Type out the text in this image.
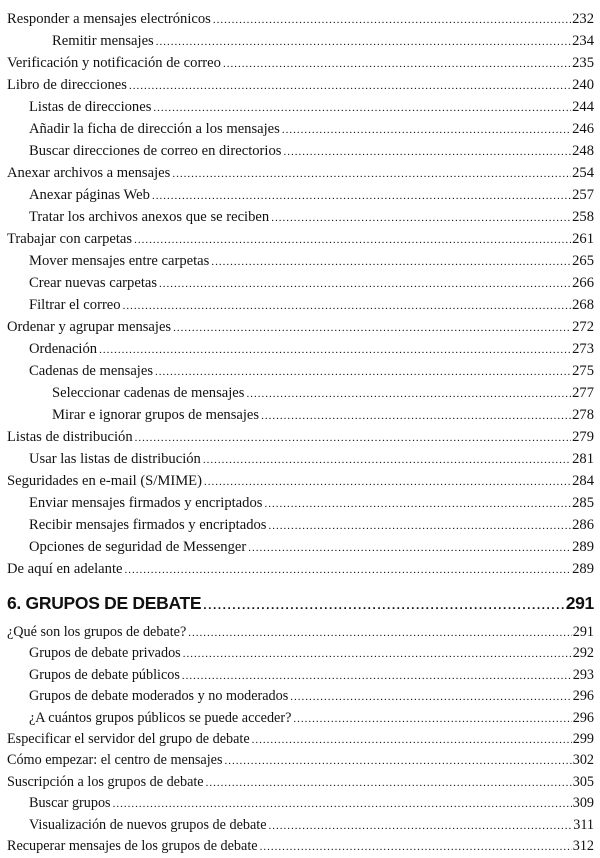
Responder a mensajes electrónicos .....	232
Remitir mensajes .....	234
Verificación y notificación de correo .....	235
Libro de direcciones .....	240
Listas de direcciones .....	244
Añadir la ficha de dirección a los mensajes .....	246
Buscar direcciones de correo en directorios .....	248
Anexar archivos a mensajes .....	254
Anexar páginas Web .....	257
Tratar los archivos anexos que se reciben .....	258
Trabajar con carpetas .....	261
Mover mensajes entre carpetas .....	265
Crear nuevas carpetas .....	266
Filtrar el correo .....	268
Ordenar y agrupar mensajes .....	272
Ordenación .....	273
Cadenas de mensajes .....	275
Seleccionar cadenas de mensajes .....	277
Mirar e ignorar grupos de mensajes .....	278
Listas de distribución .....	279
Usar las listas de distribución .....	281
Seguridades en e-mail (S/MIME) .....	284
Enviar mensajes firmados y encriptados .....	285
Recibir mensajes firmados y encriptados .....	286
Opciones de seguridad de Messenger .....	289
De aquí en adelante .....	289
6. GRUPOS DE DEBATE .....	291
¿Qué son los grupos de debate? .....	291
Grupos de debate privados .....	292
Grupos de debate públicos .....	293
Grupos de debate moderados y no moderados .....	296
¿A cuántos grupos públicos se puede acceder? .....	296
Especificar el servidor del grupo de debate .....	299
Cómo empezar: el centro de mensajes .....	302
Suscripción a los grupos de debate .....	305
Buscar grupos .....	309
Visualización de nuevos grupos de debate .....	311
Recuperar mensajes de los grupos de debate .....	312
